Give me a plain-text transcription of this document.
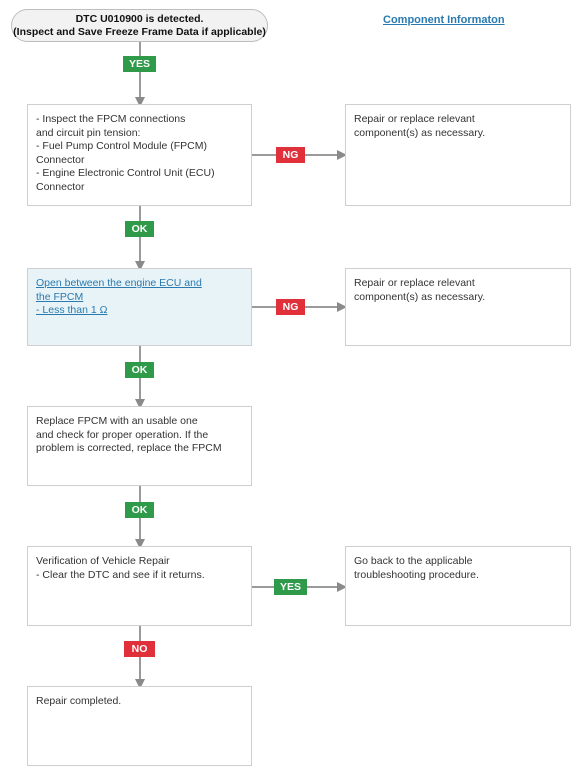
DTC U010900 is detected.
(Inspect and Save Freeze Frame Data if applicable)
Component Informaton
YES
OK
OK
OK
NO
- Inspect the FPCM connections
and circuit pin tension:
- Fuel Pump Control Module (FPCM)
Connector
- Engine Electronic Control Unit (ECU)
Connector
NG
Repair or replace relevant
component(s) as necessary.
Open between the engine ECU and
the FPCM
- Less than 1 Ω	NG
Repair or replace relevant
component(s) as necessary.
Replace FPCM with an usable one
and check for proper operation. If the
problem is corrected, replace the FPCM
Verification of Vehicle Repair
- Clear the DTC and see if it returns.
YES
Go back to the applicable
troubleshooting procedure.
Repair completed.
